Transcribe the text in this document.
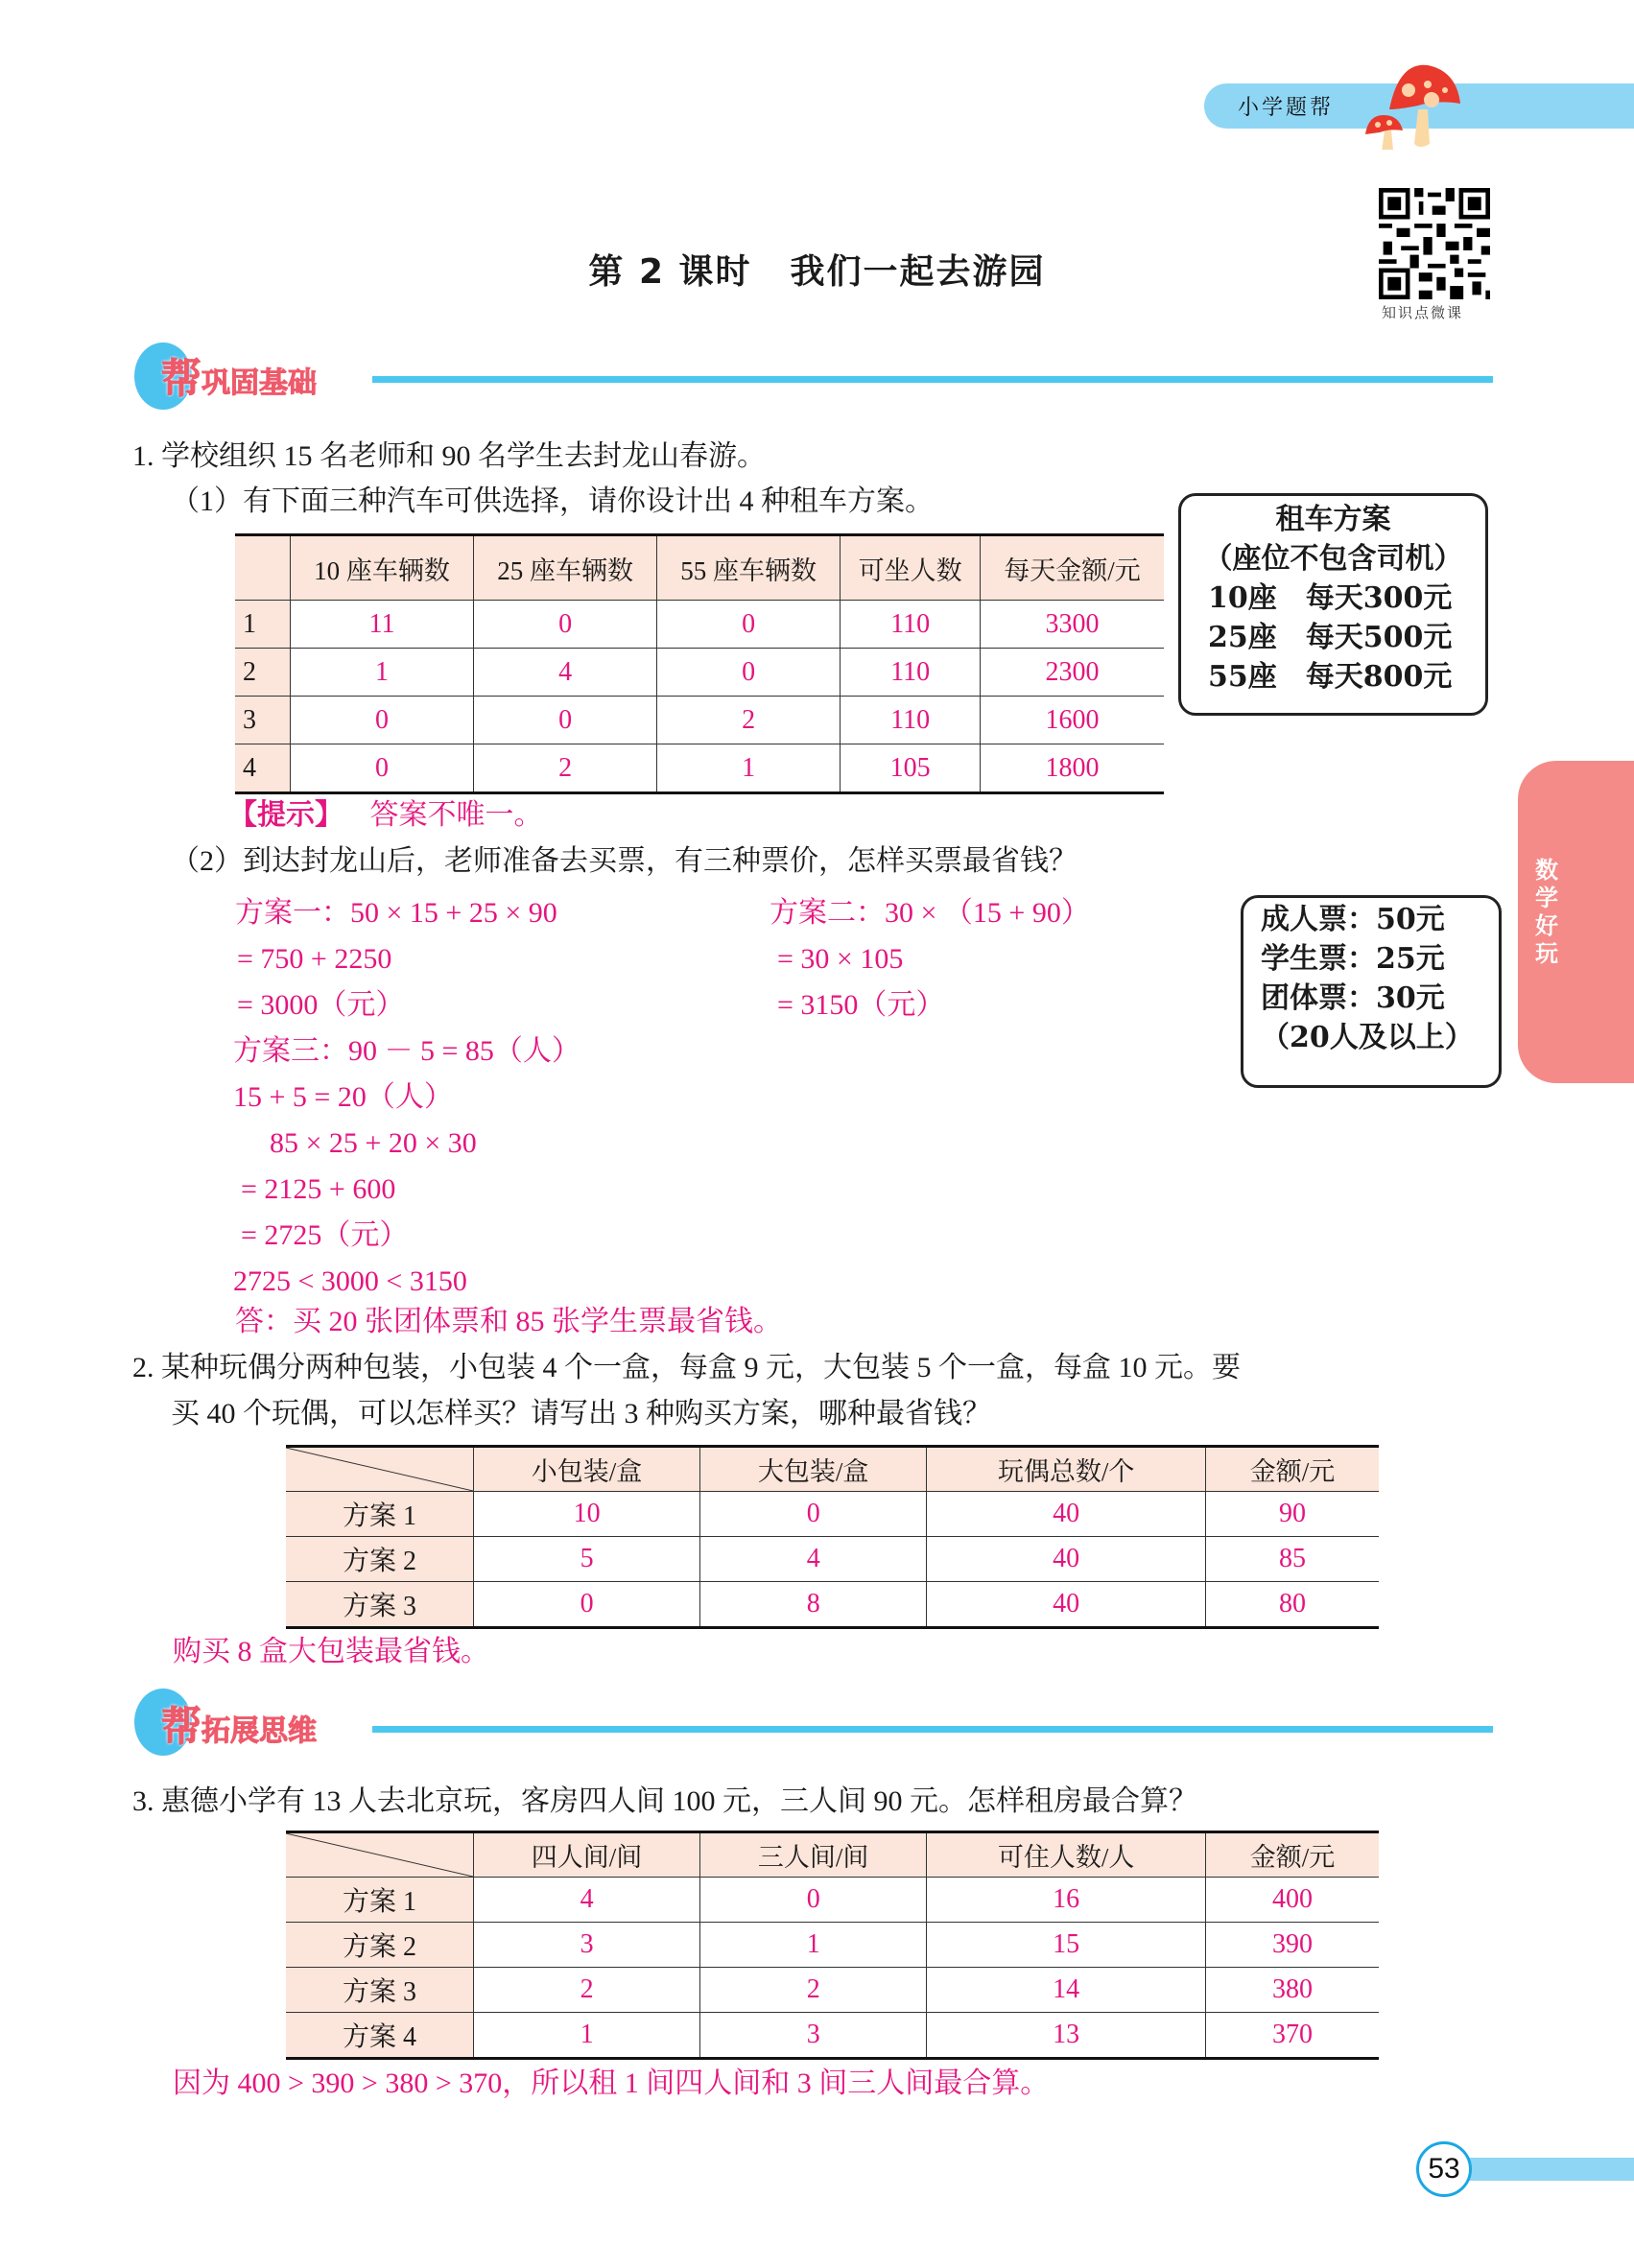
小学题帮
知识点微课
第 2 课时 我们一起去游园
帮巩固基础
1. 学校组织 15 名老师和 90 名学生去封龙山春游。
（1）有下面三种汽车可供选择，请你设计出 4 种租车方案。
	10 座车辆数	25 座车辆数	55 座车辆数	可坐人数	每天金额/元
1	11	0	0	110	3300
2	1	4	0	110	2300
3	0	0	2	110	1600
4	0	2	1	105	1800
租车方案
（座位不包含司机）
10座　每天300元
25座　每天500元
55座　每天800元
【提示】 答案不唯一。
（2）到达封龙山后，老师准备去买票，有三种票价，怎样买票最省钱？
成人票：50元
学生票：25元
团体票：30元
（20人及以上）
方案一：50 × 15 + 25 × 90
= 750 + 2250
= 3000（元）
方案二：30 × （15 + 90）
= 30 × 105
= 3150（元）
方案三：90 － 5 = 85（人）
15 + 5 = 20（人）
85 × 25 + 20 × 30
= 2125 + 600
= 2725（元）
2725 < 3000 < 3150
答：买 20 张团体票和 85 张学生票最省钱。
2. 某种玩偶分两种包装，小包装 4 个一盒，每盒 9 元，大包装 5 个一盒，每盒 10 元。要
买 40 个玩偶，可以怎样买？请写出 3 种购买方案，哪种最省钱？
	小包装/盒	大包装/盒	玩偶总数/个	金额/元
方案 1	10	0	40	90
方案 2	5	4	40	85
方案 3	0	8	40	80
购买 8 盒大包装最省钱。
帮拓展思维
3. 惠德小学有 13 人去北京玩，客房四人间 100 元，三人间 90 元。怎样租房最合算？
	四人间/间	三人间/间	可住人数/人	金额/元
方案 1	4	0	16	400
方案 2	3	1	15	390
方案 3	2	2	14	380
方案 4	1	3	13	370
因为 400 > 390 > 380 > 370，所以租 1 间四人间和 3 间三人间最合算。
数
学
好
玩
53
